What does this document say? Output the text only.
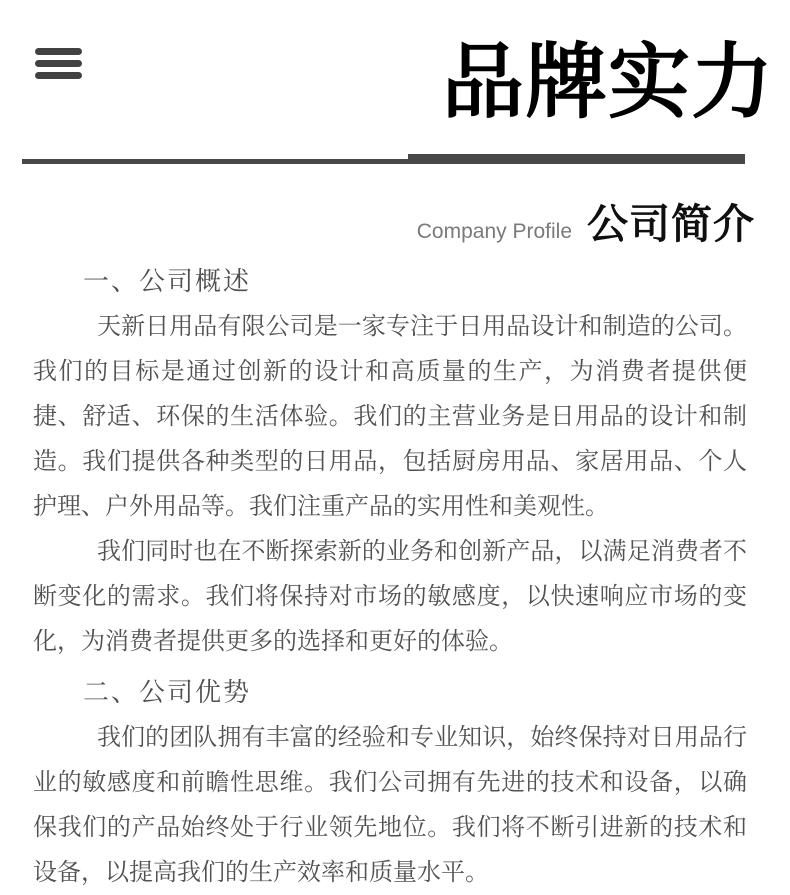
品牌实力
Company Profile 公司简介
一、公司概述

天新日用品有限公司是一家专注于日用品设计和制造的公司。我们的目标是通过创新的设计和高质量的生产，为消费者提供便捷、舒适、环保的生活体验。我们的主营业务是日用品的设计和制造。我们提供各种类型的日用品，包括厨房用品、家居用品、个人护理、户外用品等。我们注重产品的实用性和美观性。

我们同时也在不断探索新的业务和创新产品，以满足消费者不断变化的需求。我们将保持对市场的敏感度，以快速响应市场的变化，为消费者提供更多的选择和更好的体验。

二、公司优势

我们的团队拥有丰富的经验和专业知识，始终保持对日用品行业的敏感度和前瞻性思维。我们公司拥有先进的技术和设备，以确保我们的产品始终处于行业领先地位。我们将不断引进新的技术和设备，以提高我们的生产效率和质量水平。
